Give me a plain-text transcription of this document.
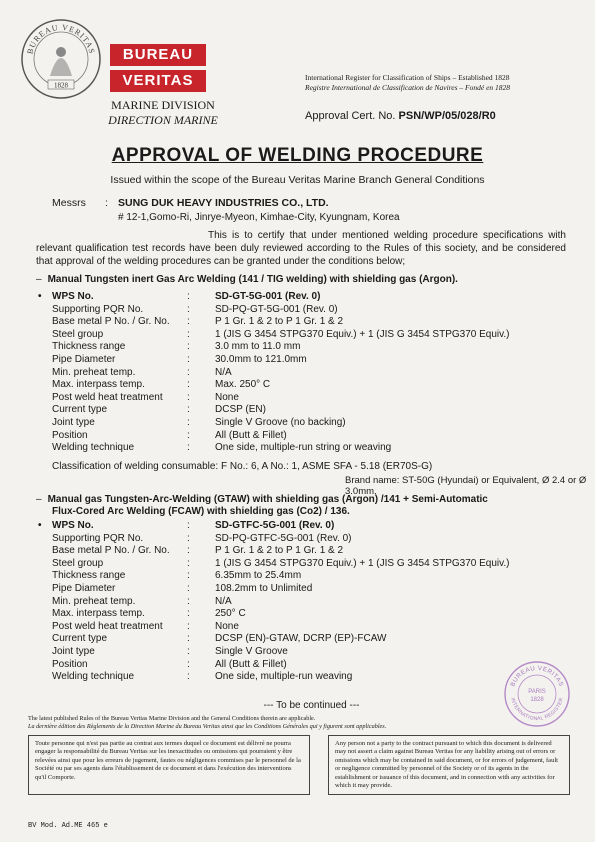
BUREAU VERITAS
1828
BUREAU
VERITAS
MARINE DIVISION
DIRECTION MARINE
International Register for Classification of Ships – Established 1828
Registre International de Classification de Navires – Fondé en 1828
Approval Cert. No. PSN/WP/05/028/R0
APPROVAL OF WELDING PROCEDURE
Issued within the scope of the Bureau Veritas Marine Branch General Conditions
Messrs : SUNG DUK HEAVY INDUSTRIES CO., LTD.
# 12-1,Gomo-Ri, Jinrye-Myeon, Kimhae-City, Kyungnam, Korea
This is to certify that under mentioned welding procedure specifications with relevant qualification test records have been duly reviewed according to the Rules of this society, and be considered that approval of the welding procedures can be granted under the conditions below;
– Manual Tungsten inert Gas Arc Welding (141 / TIG welding) with shielding gas (Argon).
• WPS No.	:	SD-GT-5G-001 (Rev. 0)
Supporting PQR No.	:	SD-PQ-GT-5G-001 (Rev. 0)
Base metal P No. / Gr. No. :	P 1 Gr. 1 & 2 to P 1 Gr. 1 & 2
Steel group	:	1 (JIS G 3454 STPG370 Equiv.) + 1 (JIS G 3454 STPG370 Equiv.)
Thickness range	:	3.0 mm to 11.0 mm
Pipe Diameter	:	30.0mm to 121.0mm
Min. preheat temp.	:	N/A
Max. interpass temp.	:	Max. 250° C
Post weld heat treatment :	None
Current type	:	DCSP (EN)
Joint type	:	Single V Groove (no backing)
Position	:	All (Butt & Fillet)
Welding technique	:	One side, multiple-run string or weaving
Classification of welding consumable: F No.: 6, A No.: 1, ASME SFA - 5.18 (ER70S-G)
Brand name: ST-50G (Hyundai) or Equivalent, Ø 2.4 or Ø 3.0mm.
– Manual gas Tungsten-Arc-Welding (GTAW) with shielding gas (Argon) /141 + Semi-Automatic
Flux-Cored Arc Welding (FCAW) with shielding gas (Co2) / 136.
• WPS No.	:	SD-GTFC-5G-001 (Rev. 0)
Supporting PQR No.	:	SD-PQ-GTFC-5G-001 (Rev. 0)
Base metal P No. / Gr. No. :	P 1 Gr. 1 & 2 to P 1 Gr. 1 & 2
Steel group	:	1 (JIS G 3454 STPG370 Equiv.) + 1 (JIS G 3454 STPG370 Equiv.)
Thickness range	:	6.35mm to 25.4mm
Pipe Diameter	:	108.2mm to Unlimited
Min. preheat temp.	:	N/A
Max. interpass temp.	:	250° C
Post weld heat treatment :	None
Current type	:	DCSP (EN)-GTAW, DCRP (EP)-FCAW
Joint type	:	Single V Groove
Position	:	All (Butt & Fillet)
Welding technique	:	One side, multiple-run weaving
--- To be continued ---
The latest published Rules of the Bureau Veritas Marine Division and the General Conditions therein are applicable.
La dernière édition des Règlements de la Direction Marine du Bureau Veritas ainsi que les Conditions Générales qui y figurent sont applicables.
Toute personne qui n'est pas partie au contrat aux termes duquel ce document est délivré ne pourra engager la responsabilité du Bureau Veritas sur les inexactitudes ou omissions qui pourraient y être relevées ainsi que pour les erreurs de jugement, fautes ou négligences commises par le personnel de la Société ou par ses agents dans l'établissement de ce document et dans l'exécution des interventions qu'il Comporte.
Any person not a party to the contract pursuant to which this document is delivered may not assert a claim against Bureau Veritas for any liability arising out of errors or omissions which may be contained in said document, or for errors of judgement, fault or negligence committed by personnel of the Society or of its agents in the establishment or issuance of this document, and in connection with any activities for which it may provide.
BV Mod. Ad.ME 465 e
BUREAU VERITAS
INTERNATIONAL REGISTER
PARIS
1828
